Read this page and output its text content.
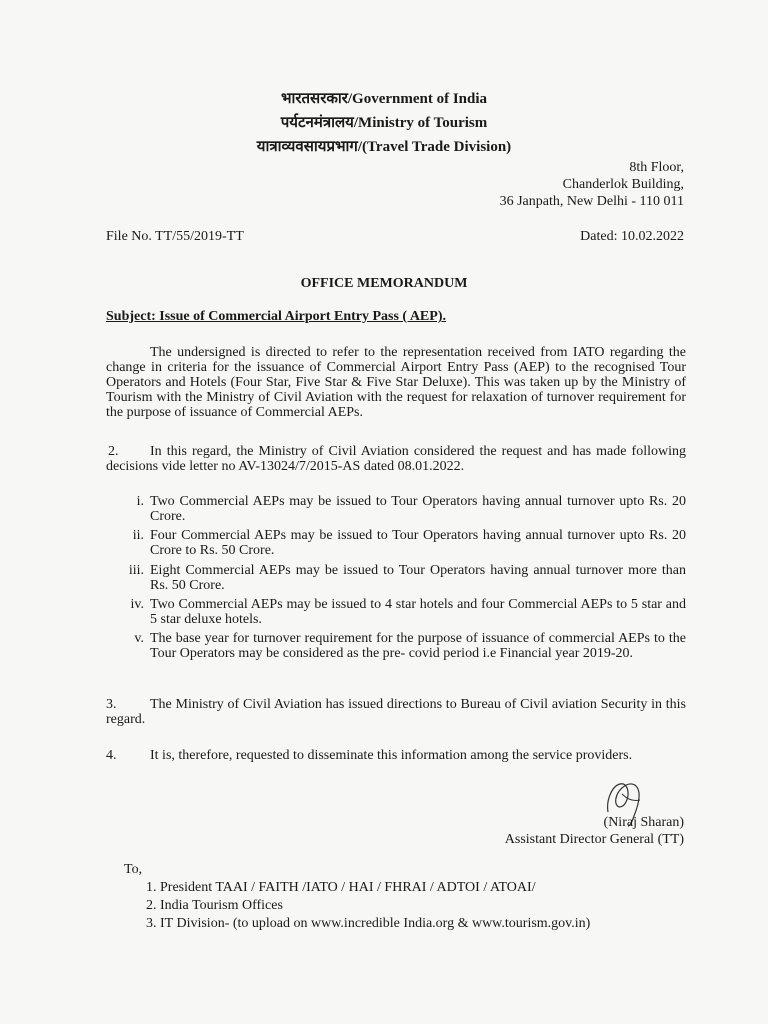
भारतसरकार/Government of India
पर्यटनमंत्रालय/Ministry of Tourism
यात्राव्यवसायप्रभाग/(Travel Trade Division)
8th Floor,
Chanderlok Building,
36 Janpath, New Delhi - 110 011
File No. TT/55/2019-TT	Dated: 10.02.2022
OFFICE MEMORANDUM
Subject: Issue of Commercial Airport Entry Pass ( AEP).
The undersigned is directed to refer to the representation received from IATO regarding the change in criteria for the issuance of Commercial Airport Entry Pass (AEP) to the recognised Tour Operators and Hotels (Four Star, Five Star & Five Star Deluxe). This was taken up by the Ministry of Tourism with the Ministry of Civil Aviation with the request for relaxation of turnover requirement for the purpose of issuance of Commercial AEPs.
2. In this regard, the Ministry of Civil Aviation considered the request and has made following decisions vide letter no AV-13024/7/2015-AS dated 08.01.2022.
i. Two Commercial AEPs may be issued to Tour Operators having annual turnover upto Rs. 20 Crore.
ii. Four Commercial AEPs may be issued to Tour Operators having annual turnover upto Rs. 20 Crore to Rs. 50 Crore.
iii. Eight Commercial AEPs may be issued to Tour Operators having annual turnover more than Rs. 50 Crore.
iv. Two Commercial AEPs may be issued to 4 star hotels and four Commercial AEPs to 5 star and 5 star deluxe hotels.
v. The base year for turnover requirement for the purpose of issuance of commercial AEPs to the Tour Operators may be considered as the pre- covid period i.e Financial year 2019-20.
3. The Ministry of Civil Aviation has issued directions to Bureau of Civil aviation Security in this regard.
4. It is, therefore, requested to disseminate this information among the service providers.
(Niraj Sharan)
Assistant Director General (TT)
To,
1. President TAAI / FAITH /IATO / HAI / FHRAI / ADTOI / ATOAI/
2. India Tourism Offices
3. IT Division- (to upload on www.incredible India.org & www.tourism.gov.in)
